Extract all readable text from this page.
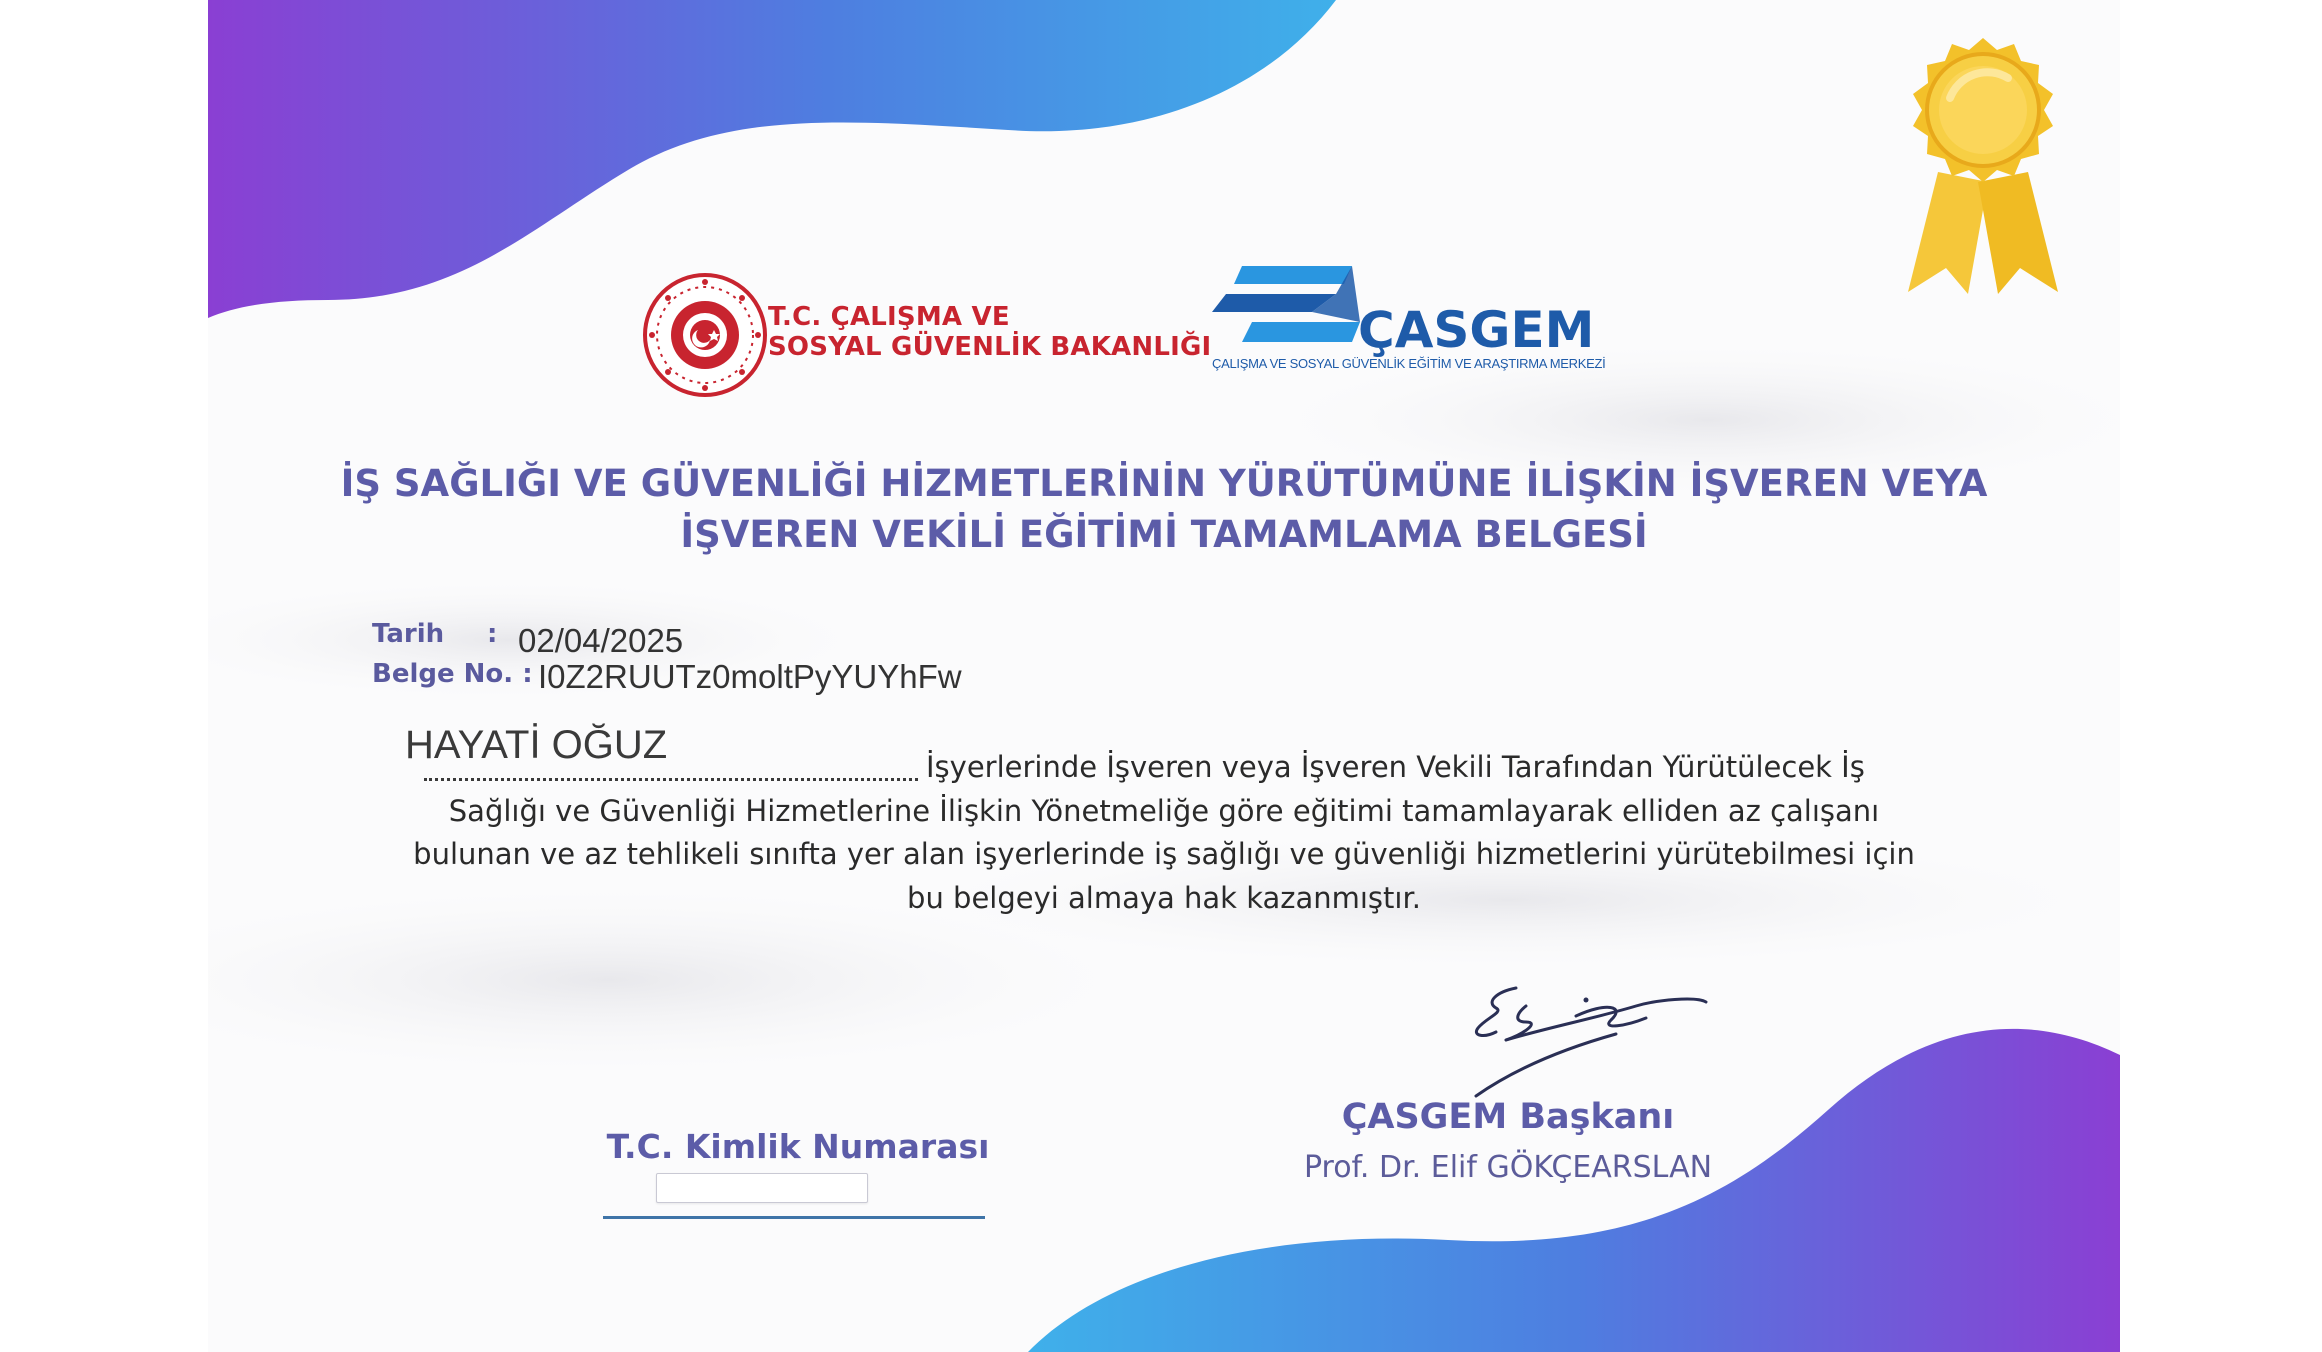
T.C. ÇALIŞMA VE
SOSYAL GÜVENLİK BAKANLIĞI	ÇASGEM
ÇALIŞMA VE SOSYAL GÜVENLİK EĞİTİM VE ARAŞTIRMA MERKEZİ
İŞ SAĞLIĞI VE GÜVENLİĞİ HİZMETLERİNİN YÜRÜTÜMÜNE İLİŞKİN İŞVEREN VEYA
İŞVEREN VEKİLİ EĞİTİMİ TAMAMLAMA BELGESİ
Tarih : 02/04/2025
Belge No. : I0Z2RUUTz0moltPyYUYhFw
HAYATİ OĞUZ	İşyerlerinde İşveren veya İşveren Vekili Tarafından Yürütülecek İş
Sağlığı ve Güvenliği Hizmetlerine İlişkin Yönetmeliğe göre eğitimi tamamlayarak elliden az çalışanı
bulunan ve az tehlikeli sınıfta yer alan işyerlerinde iş sağlığı ve güvenliği hizmetlerini yürütebilmesi için
bu belgeyi almaya hak kazanmıştır.
ÇASGEM Başkanı
Prof. Dr. Elif GÖKÇEARSLAN
T.C. Kimlik Numarası
